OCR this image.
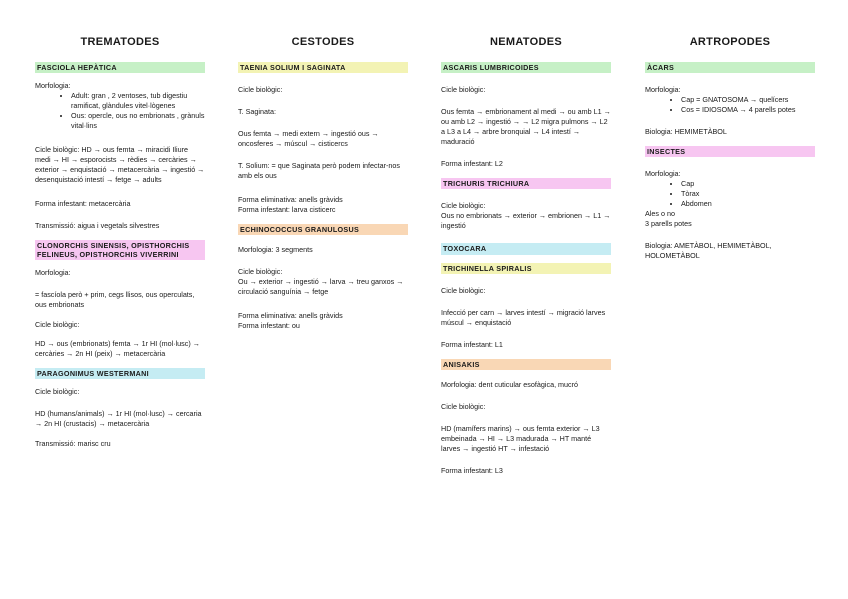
TREMATODES
FASCIOLA HEPÀTICA
Morfologia:
• Adult: gran , 2 ventoses, tub digestiu ramificat, glàndules vitel·lògenes
• Ous: opercle, ous no embrionats , grànuls vital·lins
Cicle biològic: HD → ous femta → miracidi Iliure medi → HI → esporocists → rèdies → cercàries → exterior → enquistació → metacercària → ingestió → desenquistació intestí → fetge → adults
Forma infestant: metacercària
Transmissió: aigua i vegetals silvestres
CLONORCHIS SINENSIS, OPISTHORCHIS FELINEUS, OPISTHORCHIS VIVERRINI
Morfologia:
= fascíola però + prim, cegs llisos, ous operculats, ous embrionats
Cicle biològic:
HD → ous (embrionats) femta → 1r HI (mol·lusc) → cercàries → 2n HI (peix) → metacercària
PARAGONIMUS WESTERMANI
Cicle biològic:
HD (humans/animals) → 1r HI (mol·lusc) → cercaria → 2n HI (crustacis) → metacercària
Transmissió: marisc cru
CESTODES
TAENIA SOLIUM I SAGINATA
Cicle biològic:
T. Saginata:
Ous femta → medi extern → ingestió ous → oncosferes → múscul → cisticercs
T. Solium: = que Saginata però podem infectar-nos amb els ous
Forma eliminativa: anells gràvids
Forma infestant: larva cisticerc
ECHINOCOCCUS GRANULOSUS
Morfologia: 3 segments
Cicle biològic:
Ou → exterior → ingestió → larva → treu ganxos → circulació sanguínia → fetge
Forma eliminativa: anells gràvids
Forma infestant: ou
NEMATODES
ASCARIS LUMBRICOIDES
Cicle biològic:
Ous femta → embrionament al medi → ou amb L1 → ou amb L2 → ingestió → → L2 migra pulmons → L2 a L3 a L4 → arbre bronquial → L4 intestí → maduració
Forma infestant: L2
TRICHURIS TRICHIURA
Cicle biològic:
Ous no embrionats → exterior → embrionen → L1 → ingestió
TOXOCARA
TRICHINELLA SPIRALIS
Cicle biològic:
Infecció per carn → larves intestí → migració larves múscul → enquistació
Forma infestant: L1
ANISAKIS
Morfologia: dent cuticular esofàgica, mucró
Cicle biològic:
HD (mamífers marins) → ous femta exterior → L3 embeinada → HI → L3 madurada → HT manté larves → ingestió HT → infestació
Forma infestant: L3
ARTROPODES
ÀCARS
Morfologia:
• Cap = GNATOSOMA → quelícers
• Cos = IDIOSOMA → 4 parells potes
Biologia: HEMIMETÀBOL
INSECTES
Morfologia:
• Cap
• Tòrax
• Abdomen
Ales o no
3 parells potes
Biologia: AMETÀBOL, HEMIMETÀBOL, HOLOMETÀBOL
